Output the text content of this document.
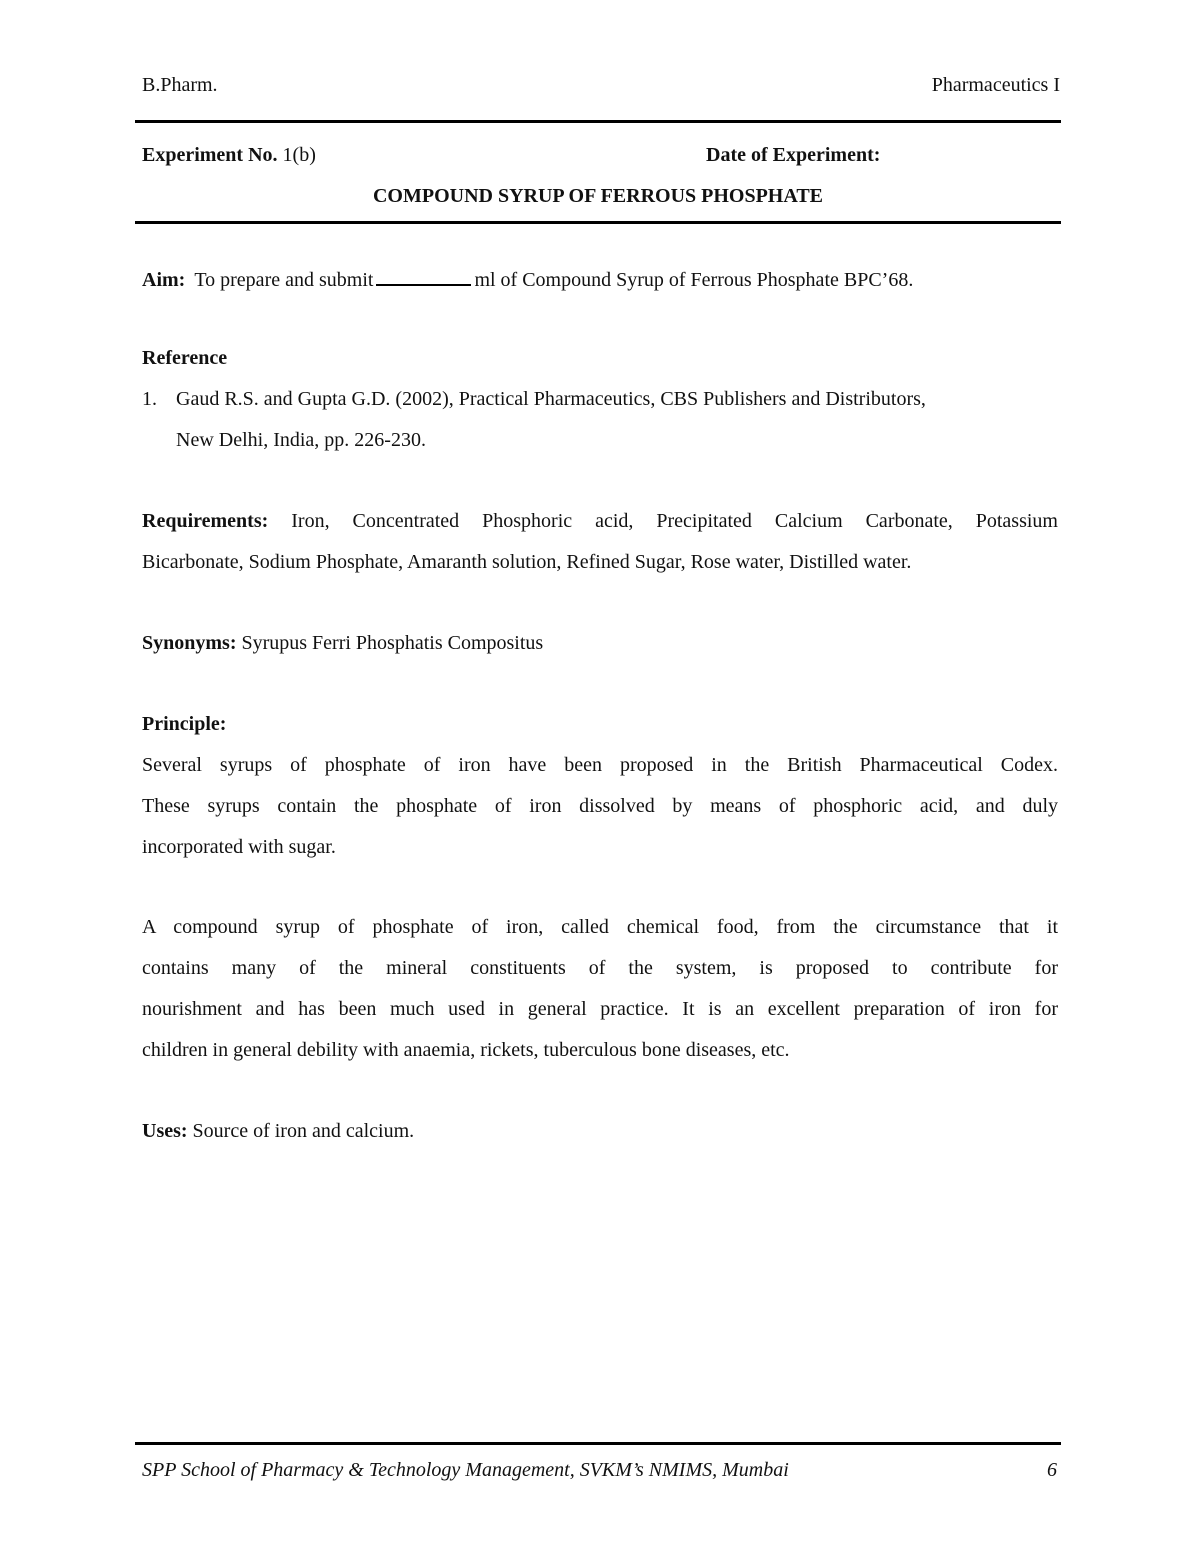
B.Pharm.	Pharmaceutics I
Experiment No. 1(b)	Date of Experiment:
COMPOUND SYRUP OF FERROUS PHOSPHATE
Aim: To prepare and submit	ml of Compound Syrup of Ferrous Phosphate BPC’68.
Reference
1. Gaud R.S. and Gupta G.D. (2002), Practical Pharmaceutics, CBS Publishers and Distributors,
New Delhi, India, pp. 226-230.
Requirements: Iron, Concentrated Phosphoric acid, Precipitated Calcium Carbonate, Potassium
Bicarbonate, Sodium Phosphate, Amaranth solution, Refined Sugar, Rose water, Distilled water.
Synonyms: Syrupus Ferri Phosphatis Compositus
Principle:
Several syrups of phosphate of iron have been proposed in the British Pharmaceutical Codex.
These syrups contain the phosphate of iron dissolved by means of phosphoric acid, and duly
incorporated with sugar.
A compound syrup of phosphate of iron, called chemical food, from the circumstance that it
contains many of the mineral constituents of the system, is proposed to contribute for
nourishment and has been much used in general practice. It is an excellent preparation of iron for
children in general debility with anaemia, rickets, tuberculous bone diseases, etc.
Uses: Source of iron and calcium.
SPP School of Pharmacy & Technology Management, SVKM’s NMIMS, Mumbai	6
